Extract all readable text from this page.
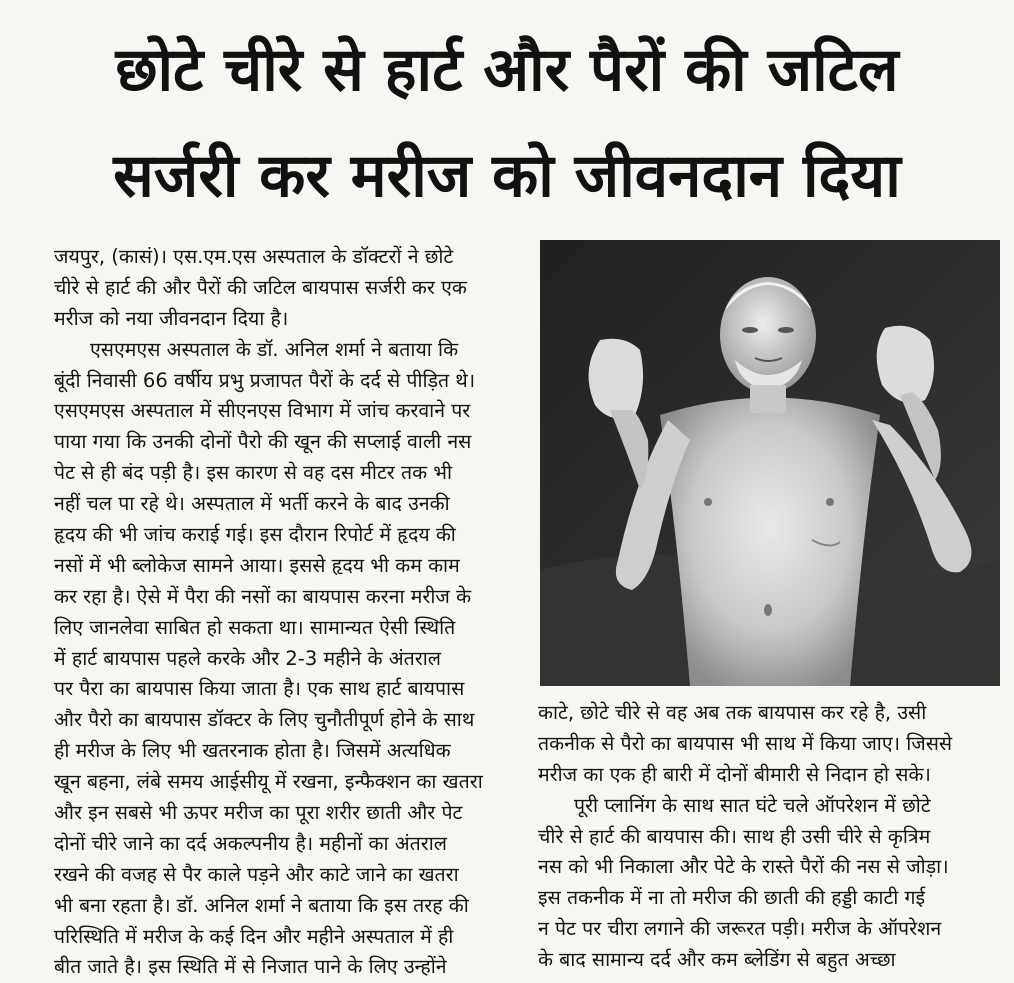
छोटे चीरे से हार्ट और पैरों की जटिल
सर्जरी कर मरीज को जीवनदान दिया
जयपुर, (कासं)। एस.एम.एस अस्पताल के डॉक्टरों ने छोटे
चीरे से हार्ट की और पैरों की जटिल बायपास सर्जरी कर एक
मरीज को नया जीवनदान दिया है।
एसएमएस अस्पताल के डॉ. अनिल शर्मा ने बताया कि
बूंदी निवासी 66 वर्षीय प्रभु प्रजापत पैरों के दर्द से पीड़ित थे।
एसएमएस अस्पताल में सीएनएस विभाग में जांच करवाने पर
पाया गया कि उनकी दोनों पैरो की खून की सप्लाई वाली नस
पेट से ही बंद पड़ी है। इस कारण से वह दस मीटर तक भी
नहीं चल पा रहे थे। अस्पताल में भर्ती करने के बाद उनकी
हृदय की भी जांच कराई गई। इस दौरान रिपोर्ट में हृदय की
नसों में भी ब्लोकेज सामने आया। इससे हृदय भी कम काम
कर रहा है। ऐसे में पैरा की नसों का बायपास करना मरीज के
लिए जानलेवा साबित हो सकता था। सामान्यत ऐसी स्थिति
में हार्ट बायपास पहले करके और 2-3 महीने के अंतराल
पर पैरा का बायपास किया जाता है। एक साथ हार्ट बायपास
और पैरो का बायपास डॉक्टर के लिए चुनौतीपूर्ण होने के साथ
ही मरीज के लिए भी खतरनाक होता है। जिसमें अत्यधिक
खून बहना, लंबे समय आईसीयू में रखना, इन्फैक्शन का खतरा
और इन सबसे भी ऊपर मरीज का पूरा शरीर छाती और पेट
दोनों चीरे जाने का दर्द अकल्पनीय है। महीनों का अंतराल
रखने की वजह से पैर काले पड़ने और काटे जाने का खतरा
भी बना रहता है। डॉ. अनिल शर्मा ने बताया कि इस तरह की
परिस्थिति में मरीज के कई दिन और महीने अस्पताल में ही
बीत जाते है। इस स्थिति में से निजात पाने के लिए उन्होंने
काटे, छोटे चीरे से वह अब तक बायपास कर रहे है, उसी
तकनीक से पैरो का बायपास भी साथ में किया जाए। जिससे
मरीज का एक ही बारी में दोनों बीमारी से निदान हो सके।
पूरी प्लानिंग के साथ सात घंटे चले ऑपरेशन में छोटे
चीरे से हार्ट की बायपास की। साथ ही उसी चीरे से कृत्रिम
नस को भी निकाला और पेटे के रास्ते पैरों की नस से जोड़ा।
इस तकनीक में ना तो मरीज की छाती की हड्डी काटी गई
न पेट पर चीरा लगाने की जरूरत पड़ी। मरीज के ऑपरेशन
के बाद सामान्य दर्द और कम ब्लेडिंग से बहुत अच्छा
